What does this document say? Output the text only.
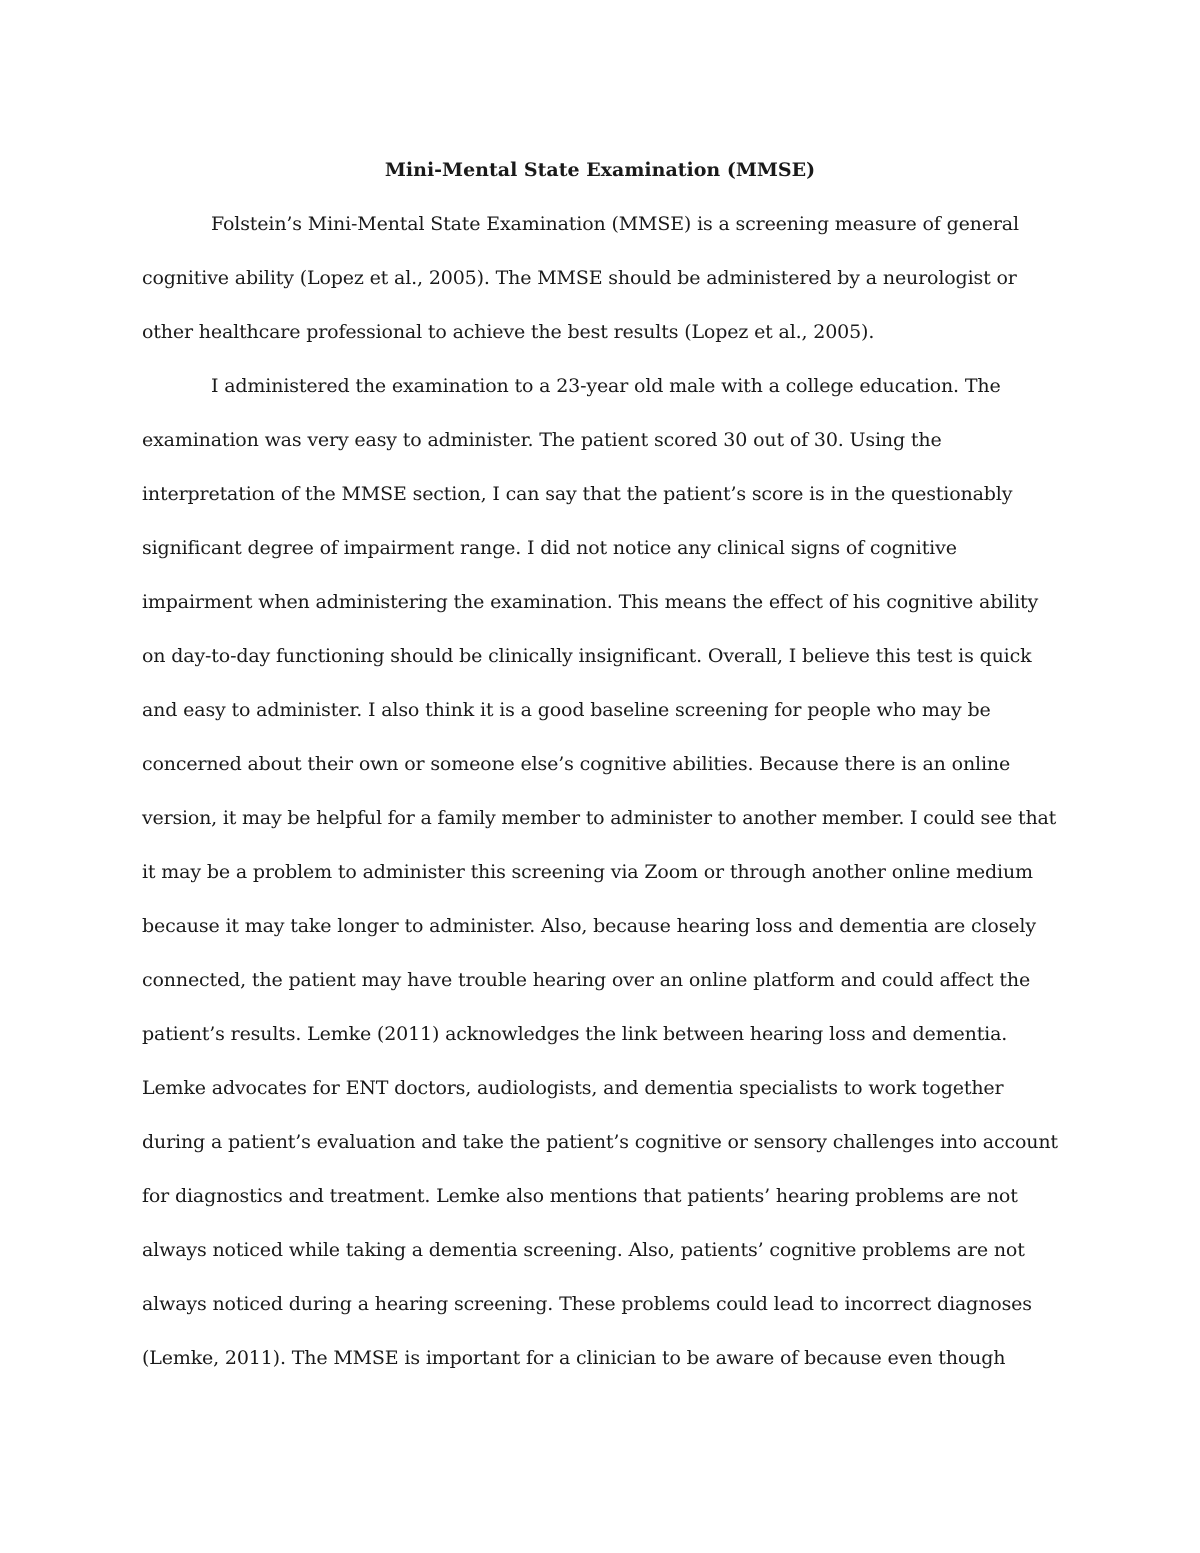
Mini-Mental State Examination (MMSE)
Folstein’s Mini-Mental State Examination (MMSE) is a screening measure of general
cognitive ability (Lopez et al., 2005). The MMSE should be administered by a neurologist or
other healthcare professional to achieve the best results (Lopez et al., 2005).
I administered the examination to a 23-year old male with a college education. The
examination was very easy to administer. The patient scored 30 out of 30. Using the
interpretation of the MMSE section, I can say that the patient’s score is in the questionably
significant degree of impairment range. I did not notice any clinical signs of cognitive
impairment when administering the examination. This means the effect of his cognitive ability
on day-to-day functioning should be clinically insignificant. Overall, I believe this test is quick
and easy to administer. I also think it is a good baseline screening for people who may be
concerned about their own or someone else’s cognitive abilities. Because there is an online
version, it may be helpful for a family member to administer to another member. I could see that
it may be a problem to administer this screening via Zoom or through another online medium
because it may take longer to administer. Also, because hearing loss and dementia are closely
connected, the patient may have trouble hearing over an online platform and could affect the
patient’s results. Lemke (2011) acknowledges the link between hearing loss and dementia.
Lemke advocates for ENT doctors, audiologists, and dementia specialists to work together
during a patient’s evaluation and take the patient’s cognitive or sensory challenges into account
for diagnostics and treatment. Lemke also mentions that patients’ hearing problems are not
always noticed while taking a dementia screening. Also, patients’ cognitive problems are not
always noticed during a hearing screening. These problems could lead to incorrect diagnoses
(Lemke, 2011). The MMSE is important for a clinician to be aware of because even though
